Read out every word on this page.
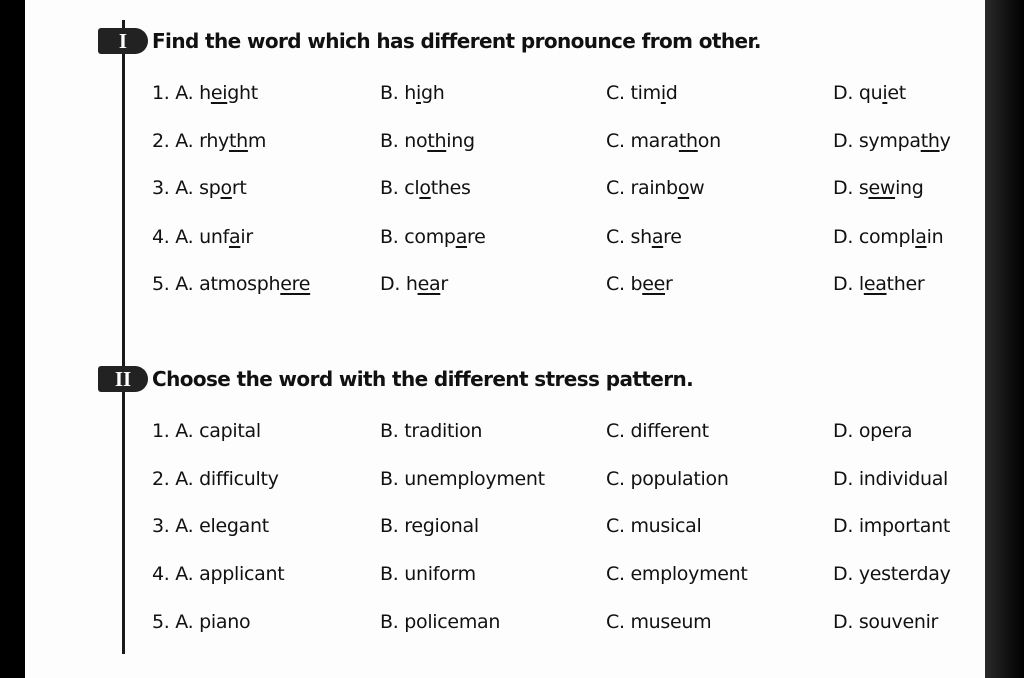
I	Find the word which has different pronounce from other.
II	Choose the word with the different stress pattern.
1. A. height	B. high	C. timid	D. quiet
2. A. rhythm	B. nothing	C. marathon	D. sympathy
3. A. sport	B. clothes	C. rainbow	D. sewing
4. A. unfair	B. compare	C. share	D. complain
5. A. atmosphere	D. hear	C. beer	D. leather
1. A. capital	B. tradition	C. different	D. opera
2. A. difficulty	B. unemployment	C. population	D. individual
3. A. elegant	B. regional	C. musical	D. important
4. A. applicant	B. uniform	C. employment	D. yesterday
5. A. piano	B. policeman	C. museum	D. souvenir
